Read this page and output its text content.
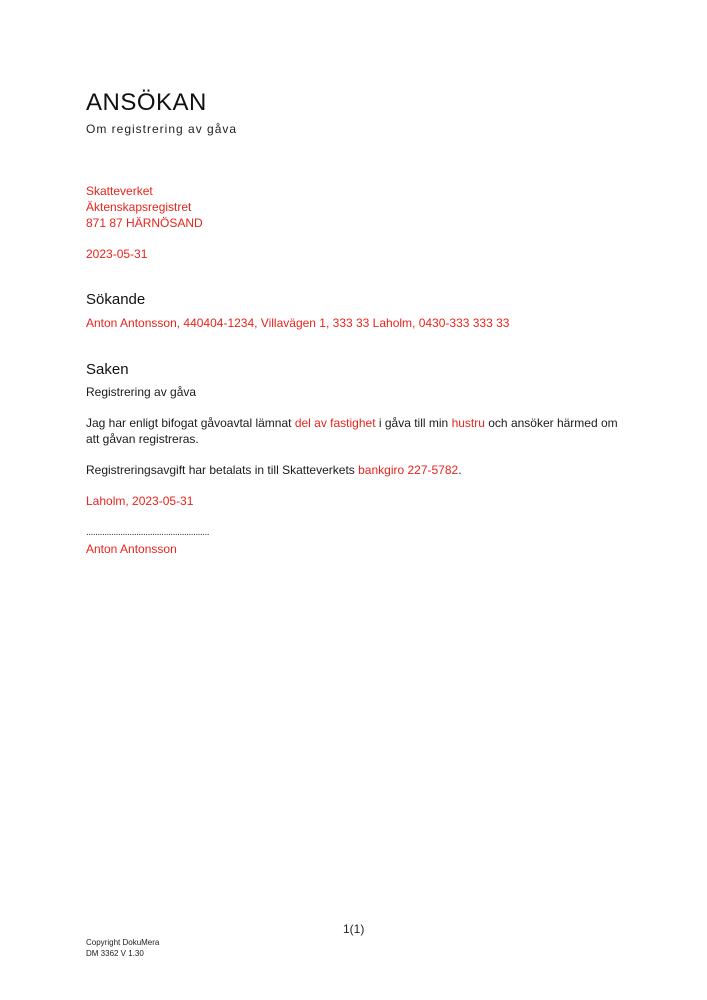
ANSÖKAN
Om registrering av gåva
Skatteverket
Äktenskapsregistret
871 87 HÄRNÖSAND
2023-05-31
Sökande
Anton Antonsson, 440404-1234, Villavägen 1, 333 33 Laholm, 0430-333 333 33
Saken
Registrering av gåva

Jag har enligt bifogat gåvoavtal lämnat del av fastighet i gåva till min hustru och ansöker härmed om att gåvan registreras.

Registreringsavgift har betalats in till Skatteverkets bankgiro 227-5782.

Laholm, 2023-05-31
......................................................
Anton Antonsson
1(1)
Copyright DokuMera
DM 3362 V 1.30
